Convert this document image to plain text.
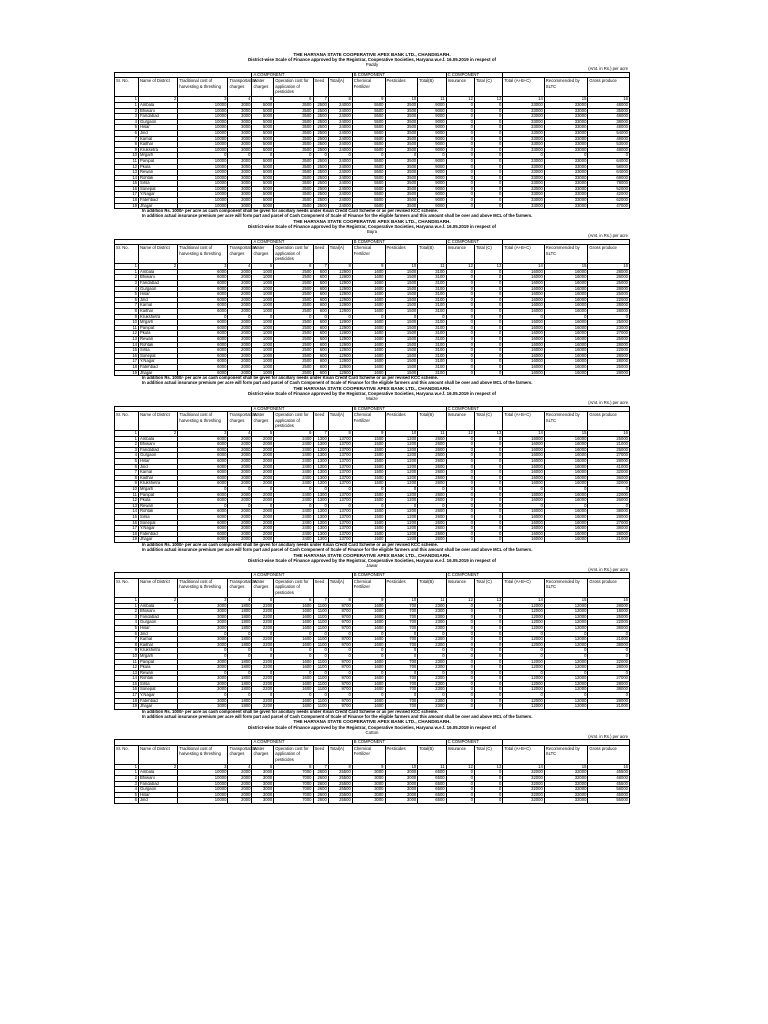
THE HARYANA STATE COOPERATIVE APEX BANK LTD., CHANDIGARH.

District-wise Scale of Finance approved by the Registrar, Cooperative Societies, Haryana w.e.f. 16.05.2019 in respect of

Paddy

(Amt. in Rs.) per acre

				A COMPONENT				B COMPONENT			C COMPONENT				
Sr. No.	Name of District	Traditional cost of harvesting & threshing	Transportation charges	Water charges	Operation cost for application of pesticides	Seed	Total(A)	Chemical Fertilizer	Pesticides	Total(B)	Insurance	Total (C)	Total (A+B+C)	Recommended by SLTC	Gross produce
1	2	3	4	5	6	7	8	9	10	11	12	13	14	15	16
1	Ambala	10000	3000	5000	3500	2500	24000	5500	3500	9000	0	0	33000	33000	48000
2	Bhiwani	10000	3000	5000	3500	2500	24000	5500	3500	9000	0	0	33000	33000	35000
3	Faridabad	10000	3000	5000	3500	2500	24000	5500	3500	9000	0	0	33000	33000	48000
4	Gurgaon	10000	3000	5000	3500	2500	24000	5500	3500	9000	0	0	33000	33000	38000
5	Hisar	10000	3000	5000	3500	2500	24000	5500	3500	9000	0	0	33000	33000	48000
6	Jind	10000	3000	5000	3500	2500	24000	5500	3500	9000	0	0	33000	33000	54000
7	Karnal	10000	3000	5000	3500	2500	24000	5500	3500	9000	0	0	33000	33000	49000
8	Kaithal	10000	3000	5000	3500	2500	24000	5500	3500	9000	0	0	33000	33000	53000
9	Kruksetra	10000	3000	5000	3500	2500	24000	5500	3500	9000	0	0	33000	33000	48000
10	Mrgarh	0	0	0	0	0	0	0	0	0	0	0	0	0	0
11	Panipat	10000	3000	5000	3500	2500	24000	5500	3500	9000	0	0	33000	33000	64000
12	Pkula	10000	3000	5000	3500	2500	24000	5500	3500	9000	0	0	33000	33000	58000
13	Rewari	10000	3000	5000	3500	2500	24000	5500	3500	9000	0	0	33000	33000	64000
14	Rohtak	10000	3000	5000	3500	2500	24000	5500	3500	9000	0	0	33000	33000	68000
15	Sirsa	10000	3000	5000	3500	2500	24000	5500	3500	9000	0	0	33000	33000	78000
16	Sonepat	10000	3000	5000	3500	2500	24000	5500	3500	9000	0	0	33000	33000	52000
17	Y.Nagar	10000	3000	5000	3500	2500	24000	5500	3500	9000	0	0	33000	33000	42000
18	Fatehbad	10000	3000	5000	3500	2500	24000	5500	3500	9000	0	0	33000	33000	62000
19	Jhajjar	10000	3000	5000	3500	2500	24000	5500	3500	9000	0	0	33000	33000	47000

In addition Rs. 1000/- per acre as cash component shall be given for ancillary needs under Kisan Credit Card Scheme or as per revised KCC scheme.

In addition actual insurance premium per acre will form part and parcel of Cash Component of Scale of Finance for the eligible farmers and this amount shall be over and above MCL of the farmers.

THE HARYANA STATE COOPERATIVE APEX BANK LTD., CHANDIGARH.

District-wise Scale of Finance approved by the Registrar, Cooperative Societies, Haryana w.e.f. 16.05.2019 in respect of

Bajra

(Amt. in Rs.) per acre

				A COMPONENT				B COMPONENT			C COMPONENT				
Sr. No.	Name of District	Traditional cost of harvesting & threshing	Transportation charges	Water charges	Operation cost for application of pesticides	Seed	Total(A)	Chemical Fertilizer	Pesticides	Total(B)	Insurance	Total (C)	Total (A+B+C)	Recommended by SLTC	Gross produce
1	2	3	4	5	6	7	8	9	10	11	12	13	14	15	16
1	Ambala	6000	2000	1000	2500	600	12900	1600	1500	3100	0	0	16000	16000	28000
2	Bhiwani	6000	2000	1000	2500	600	12900	1600	1500	3100	0	0	16000	16000	28000
3	Faridabad	6000	2000	1000	2500	600	12900	1600	1500	3100	0	0	16000	16000	25000
4	Gurgaon	6000	2000	1000	2500	600	12900	1600	1500	3100	0	0	16000	16000	28000
5	Hisar	6000	2000	1000	2500	600	12900	1600	1500	3100	0	0	16000	16000	25000
6	Jind	6000	2000	1000	2500	600	12900	1600	1500	3100	0	0	16000	16000	22000
7	Karnal	6000	2000	1000	2500	600	12900	1600	1500	3100	0	0	16000	16000	28000
8	Kaithal	6000	2000	1000	2500	600	12900	1600	1500	3100	0	0	16000	16000	28000
9	Krukshetra	0	0	0	0	0	0	0	0	0	0	0	0	0	0
10	Mrgarh	6000	2000	1000	2500	600	12900	1600	1500	3100	0	0	16000	16000	25000
11	Panipat	6000	2000	1000	2500	600	12900	1600	1500	3100	0	0	16000	16000	23000
12	Pkula	6000	2000	1000	2500	600	12900	1600	1500	3100	0	0	16000	16000	27000
13	Rewari	6000	2000	1000	2500	600	12900	1600	1500	3100	0	0	16000	16000	25000
14	Rohtak	6000	2000	1000	2500	600	12900	1600	1500	3100	0	0	16000	16000	28000
15	Sirsa	6000	2000	1000	2500	600	12900	1600	1500	3100	0	0	16000	16000	22000
16	Sonepat	6000	2000	1000	2500	600	12900	1600	1500	3100	0	0	16000	16000	28000
17	Y.Nagar	6000	2000	1000	2500	600	12900	1600	1500	3100	0	0	16000	16000	28000
18	Fatehbad	6000	2000	1000	2500	600	12900	1600	1500	3100	0	0	16000	16000	25000
19	Jhajjar	6000	2000	1000	2500	600	12900	1600	1500	3100	0	0	16000	16000	28000

In addition Rs. 1000/- per acre as cash component shall be given for ancillary needs under Kisan Credit Card Scheme or as per revised KCC scheme.

In addition actual insurance premium per acre will form part and parcel of Cash Component of Scale of Finance for the eligible farmers and this amount shall be over and above MCL of the farmers.

THE HARYANA STATE COOPERATIVE APEX BANK LTD., CHANDIGARH.

District-wise Scale of Finance approved by the Registrar, Cooperative Societies, Haryana w.e.f. 16.05.2019 in respect of

Maize

(Amt. in Rs.) per acre

				A COMPONENT				B COMPONENT			C COMPONENT				
Sr. No.	Name of District	Traditional cost of harvesting & threshing	Transportation charges	Water charges	Operation cost for application of pesticides	Seed	Total(A)	Chemical Fertilizer	Pesticides	Total(B)	Insurance	Total (C)	Total (A+B+C)	Recommended by SLTC	Gross produce
1	2	3	4	5	6	7	8	9	10	11	12	13	14	15	16
1	Ambala	6000	2000	2000	2400	1300	13700	1500	1200	2600	0	0	16000	16000	25000
2	Bhiwani	6000	2000	2000	2400	1300	13700	1500	1200	2600	0	0	16000	16000	21000
3	Faridabad	6000	2000	2000	2400	1300	13700	1500	1200	2600	0	0	16000	16000	25000
4	Gurgaon	6000	2000	2000	2400	1300	13700	1500	1200	2600	0	0	16000	16000	27000
5	Hisar	6000	2000	2000	2400	1300	13700	1500	1200	2600	0	0	16000	16000	28000
6	Jind	6000	2000	2000	2400	1300	13700	1500	1200	2600	0	0	16000	16000	41000
7	Karnal	6000	2000	2000	2400	1300	13700	1500	1200	2600	0	0	16000	16000	32000
8	Kaithal	6000	2000	2000	2400	1300	13700	1500	1200	2600	0	0	16000	16000	36000
9	Krukshetra	6000	2000	2000	2400	1300	13700	1500	1200	2600	0	0	16000	16000	32000
10	Mrgarh	0	0	0	0	0	0	0	0	0	0	0	0	0	0
11	Panipat	6000	2000	2000	2400	1300	13700	1500	1200	2600	0	0	16000	16000	22000
12	Pkula	6000	2000	2000	2400	1300	13700	1500	1200	2600	0	0	16000	16000	26000
13	Rewari	0	0	0	0	0	0	0	0	0	0	0	0	0	0
14	Rohtak	6000	2000	2000	2400	1300	13700	1500	1200	2600	0	0	16000	16000	38000
15	Sirsa	6000	2000	2000	2400	1300	13700	1500	1200	2600	0	0	16000	16000	28000
16	Sonepat	6000	2000	2000	2400	1300	13700	1500	1200	2600	0	0	16000	16000	27000
17	Y.Nagar	6000	2000	2000	2400	1300	13700	1500	1200	2600	0	0	16000	16000	38000
18	Fatehbad	6000	2000	2000	2400	1300	13700	1500	1200	2600	0	0	16000	16000	28000
19	Jhajjar	6000	2000	2000	2400	1300	13700	1500	1200	2600	0	0	16000	16000	21000

In addition Rs. 1000/- per acre as cash component shall be given for ancillary needs under Kisan Credit Card Scheme or as per revised KCC scheme.

In addition actual insurance premium per acre will form part and parcel of Cash Component of Scale of Finance for the eligible farmers and this amount shall be over and above MCL of the farmers.

THE HARYANA STATE COOPERATIVE APEX BANK LTD., CHANDIGARH.

District-wise Scale of Finance approved by the Registrar, Cooperative Societies, Haryana w.e.f. 16.05.2019 in respect of

Jawar

(Amt. in Rs.) per acre

				A COMPONENT				B COMPONENT			C COMPONENT				
Sr. No.	Name of District	Traditional cost of harvesting & threshing	Transportation charges	Water charges	Operation cost for application of pesticides	Seed	Total(A)	Chemical Fertilizer	Pesticides	Total(B)	Insurance	Total (C)	Total (A+B+C)	Recommended by SLTC	Gross produce
1	2	3	4	5	6	7	8	9	10	11	12	13	14	15	16
1	Ambala	3000	1800	2200	1600	1100	9700	1600	700	2300	0	0	12000	12000	28000
2	Bhiwani	3000	1800	2200	1600	1100	9700	1600	700	2300	0	0	12000	12000	18000
3	Faridabad	3000	1800	2200	1600	1100	9700	1600	700	2300	0	0	12000	12000	25000
4	Gurgaon	3000	1800	2200	1600	1100	9700	1600	700	2300	0	0	12000	12000	22000
5	Hisar	3000	1800	2200	1600	1100	9700	1600	700	2300	0	0	12000	12000	38000
6	Jind	0	0	0	0	0	0	0	0	0	0	0	0	0	0
7	Karnal	3000	1800	2200	1600	1100	9700	1600	700	2300	0	0	12000	12000	21000
8	Kaithal	3000	1800	2200	1600	1100	9700	1600	700	2300	0	0	12000	12000	38000
9	Krukshetra	0	0	0	0	0	0	0	0	0	0	0	0	0	0
10	Mrgarh	0	0	0	0	0	0	0	0	0	0	0	0	0	0
11	Panipat	3000	1800	2200	1600	1100	9700	1600	700	2300	0	0	12000	12000	22000
12	Pkula	3000	1800	2200	1600	1100	9700	1600	700	2300	0	0	12000	12000	28000
13	Rewari	0	0	0	0	0	0	0	0	0	0	0	0	0	0
14	Rohtak	3000	1800	2200	1600	1100	9700	1600	700	2300	0	0	12000	12000	27000
15	Sirsa	3000	1800	2200	1600	1100	9700	1600	700	2300	0	0	12000	12000	28000
16	Sonepat	3000	1800	2200	1600	1100	9700	1600	700	2300	0	0	12000	12000	38000
17	Y.Nagar	0	0	0	0	0	0	0	0	0	0	0	0	0	0
18	Fatehbad	3000	1800	2200	1600	1100	9700	1600	700	2300	0	0	12000	12000	28000
19	Jhajjar	3000	1800	2200	1600	1100	9700	1600	700	2300	0	0	12000	12000	21000

In addition Rs. 1000/- per acre as cash component shall be given for ancillary needs under Kisan Credit Card Scheme or as per revised KCC scheme.

In addition actual insurance premium per acre will form part and parcel of Cash Component of Scale of Finance for the eligible farmers and this amount shall be over and above MCL of the farmers.

THE HARYANA STATE COOPERATIVE APEX BANK LTD., CHANDIGARH.

District-wise Scale of Finance approved by the Registrar, Cooperative Societies, Haryana w.e.f. 16.05.2019 in respect of

Cotton

(Amt. in Rs.) per acre

				A COMPONENT				B COMPONENT			C COMPONENT				
Sr. No.	Name of District	Traditional cost of harvesting & threshing	Transportation charges	Water charges	Operation cost for application of pesticides	Seed	Total(A)	Chemical Fertilizer	Pesticides	Total(B)	Insurance	Total (C)	Total (A+B+C)	Recommended by SLTC	Gross produce
1	2	3	4	5	6	7	8	9	10	11	12	13	14	15	16
1	Ambala	10000	2000	3000	7000	2600	25500	3000	3000	6500	0	0	32000	32000	45500
2	Bhiwani	10000	2000	3000	7000	2600	25500	3000	3000	6500	0	0	32000	32000	48000
3	Faridabad	10000	2000	3000	7000	2600	25500	3000	3000	6500	0	0	32000	32000	45500
4	Gurgaon	10000	2000	3000	7000	2600	25500	3000	3000	6500	0	0	32000	32000	58000
5	Hisar	10000	2000	3000	7000	2600	25500	3000	3000	6500	0	0	32000	32000	45000
6	Jind	10000	2000	3000	7000	2600	25500	3000	3000	6500	0	0	32000	32000	55000
